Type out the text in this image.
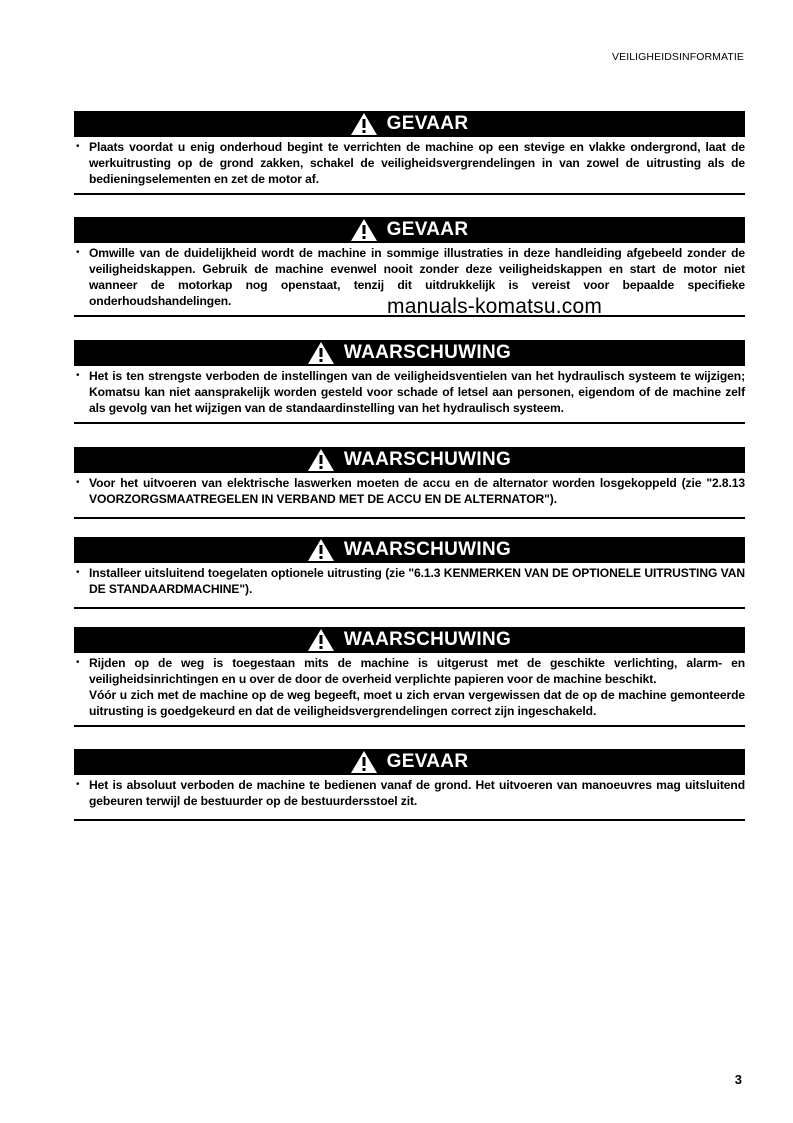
VEILIGHEIDSINFORMATIE
GEVAAR
• Plaats voordat u enig onderhoud begint te verrichten de machine op een stevige en vlakke ondergrond, laat de werkuitrusting op de grond zakken, schakel de veiligheidsvergrendelingen in van zowel de uitrusting als de bedieningselementen en zet de motor af.

GEVAAR
• Omwille van de duidelijkheid wordt de machine in sommige illustraties in deze handleiding afgebeeld zonder de veiligheidskappen. Gebruik de machine evenwel nooit zonder deze veiligheidskappen en start de motor niet wanneer de motorkap nog openstaat, tenzij dit uitdrukkelijk is vereist voor bepaalde specifieke onderhoudshandelingen.	manuals-komatsu.com
WAARSCHUWING
• Het is ten strengste verboden de instellingen van de veiligheidsventielen van het hydraulisch systeem te wijzigen; Komatsu kan niet aansprakelijk worden gesteld voor schade of letsel aan personen, eigendom of de machine zelf als gevolg van het wijzigen van de standaardinstelling van het hydraulisch systeem.

WAARSCHUWING
• Voor het uitvoeren van elektrische laswerken moeten de accu en de alternator worden losgekoppeld (zie "2.8.13 VOORZORGSMAATREGELEN IN VERBAND MET DE ACCU EN DE ALTERNATOR").

WAARSCHUWING
• Installeer uitsluitend toegelaten optionele uitrusting (zie "6.1.3 KENMERKEN VAN DE OPTIONELE UITRUSTING VAN DE STANDAARDMACHINE").

WAARSCHUWING
• Rijden op de weg is toegestaan mits de machine is uitgerust met de geschikte verlichting, alarm- en veiligheidsinrichtingen en u over de door de overheid verplichte papieren voor de machine beschikt.

Vóór u zich met de machine op de weg begeeft, moet u zich ervan vergewissen dat de op de machine gemonteerde uitrusting is goedgekeurd en dat de veiligheidsvergrendelingen correct zijn ingeschakeld.

GEVAAR
• Het is absoluut verboden de machine te bedienen vanaf de grond. Het uitvoeren van manoeuvres mag uitsluitend gebeuren terwijl de bestuurder op de bestuurdersstoel zit.

3
